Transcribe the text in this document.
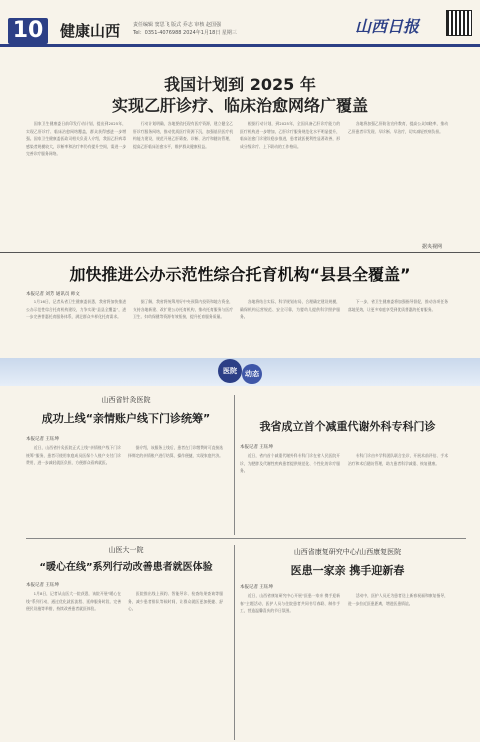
10	健康山西	责任编辑 窦思飞 版式 乔志 审核 赵国强
Tel：0351-4076988 2024年1月18日 星期三	山西日报
我国计划到 2025 年
实现乙肝诊疗、临床治愈网络广覆盖
　　国家卫生健康委日前印发行动计划，提出到2025年，实现乙肝诊疗、临床治愈网络覆盖，群众获得感进一步增强。国家卫生健康委医政司相关负责人介绍，我国乙肝病毒感染者规模较大，诊断率和治疗率仍有提升空间，需进一步完善诊疗服务网络。
　　行动计划明确，各地要依托现有医疗资源，建立健全乙肝诊疗服务网络，推动优质医疗资源下沉，加强基层医疗机构能力建设，规范开展乙肝筛查、诊断、治疗和随访管理，提高乙肝临床治愈水平，维护群众健康权益。
　　根据行动计划，到2025年，全国具备乙肝诊疗能力的医疗机构进一步增加，乙肝诊疗服务规范化水平明显提升，临床治愈门诊建设稳步推进，患者就医便利性显著改善，形成分级诊疗、上下联动的工作格局。
　　各地将加强乙肝防治宣传教育，提高公众知晓率，推动乙肝患者早发现、早诊断、早治疗，切实减轻疾病负担。
据央视网
加快推进公办示范性综合托育机构“县县全覆盖”
本报记者 刘芳 通讯员 师文
　　1月16日，记者从省卫生健康委获悉，我省将加快推进公办示范性综合托育机构建设，力争实现“县县全覆盖”，进一步完善普惠托育服务体系，满足群众多样化托育需求。
　　据了解，我省将统筹用好中央预算内投资和地方资金，支持各地新建、改扩建公办托育机构，推动托育服务与医疗卫生、妇幼保健等资源有效衔接，提升托育服务质量。
　　各地将结合实际，科学规划布局，合理确定建设规模，确保机构运营规范、安全可靠，为婴幼儿提供科学照护服务。
　　下一步，省卫生健康委将加强指导督促，推动各项任务落地见效，让更多家庭享受到优质普惠的托育服务。
医院	动态
山西省针灸医院
成功上线“亲情账户线下门诊统筹”
本报记者 王钰坤
　　近日，山西省针灸医院正式上线“亲情账户线下门诊统筹”服务，患者可使用家庭成员医保个人账户支付门诊费用，进一步减轻就医负担，方便群众看病就医。
　　据介绍，该服务上线后，患者在门诊缴费时可直接选择绑定的亲情账户进行结算，操作便捷，实现家庭共济。
我省成立首个减重代谢外科专科门诊
本报记者 王钰坤
　　近日，省内首个减重代谢外科专科门诊在省人民医院开诊，为肥胖及代谢性疾病患者提供规范化、个性化的诊疗服务。
　　专科门诊由多学科团队联合坐诊，开展术前评估、手术治疗和术后随访管理，助力患者科学减重、恢复健康。
山医大一院
“暖心在线”系列行动改善患者就医体验
本报记者 王钰坤
　　1月8日，记者从山医大一院获悉，该院开展“暖心在线”系列行动，通过优化就医流程、延伸服务时段、完善便民设施等举措，持续改善患者就医体验。
　　医院推出线上预约、智能导诊、检查结果查询等服务，减少患者排队等候时间，让群众就医更加便捷、舒心。
山西省康复研究中心/山西康复医院
医患一家亲 携手迎新春
本报记者 王钰坤
　　近日，山西省康复研究中心开展“医患一家亲 携手迎新春”主题活动，医护人员与住院患者共同书写春联、制作手工，营造温馨喜庆的节日氛围。
　　活动中，医护人员还为患者送上新春祝福和康复指导，进一步拉近医患距离，增进医患情谊。
